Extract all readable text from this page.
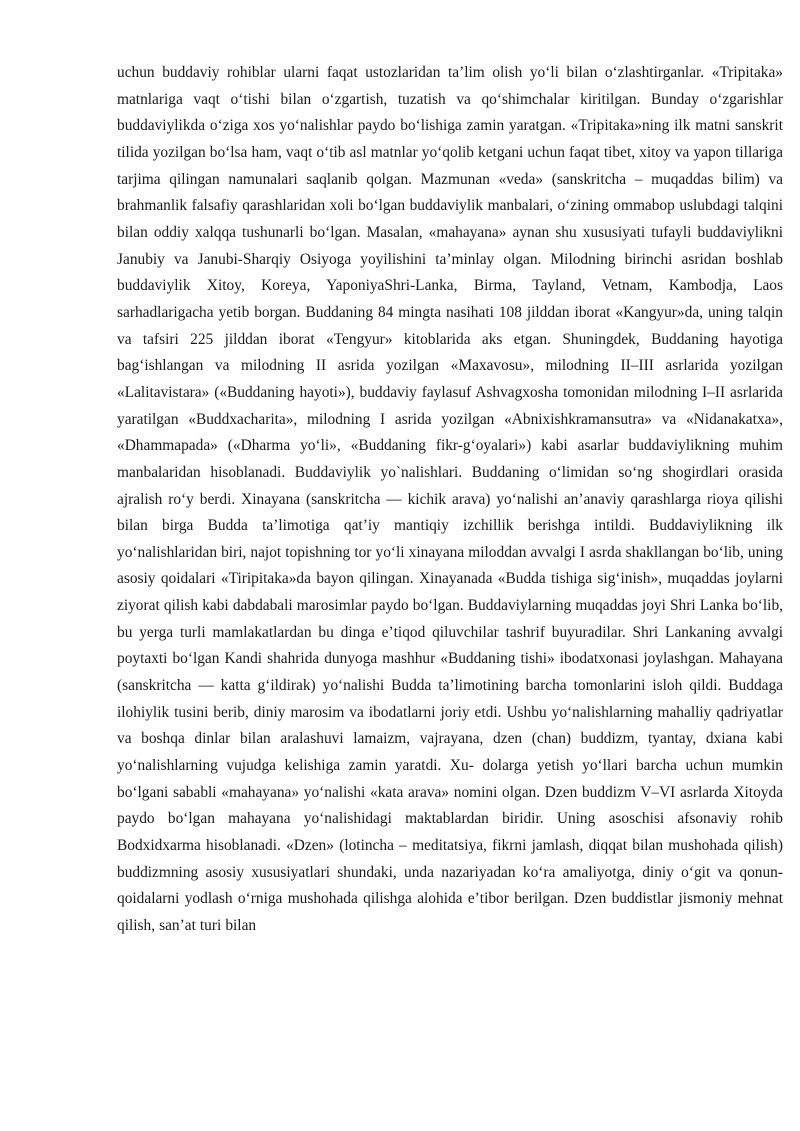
uchun buddaviy rohiblar ularni faqat ustozlaridan taʼlim olish yoʻli bilan oʻzlashtirganlar. «Tripitaka» matnlariga vaqt oʻtishi bilan oʻzgartish, tuzatish va qoʻshimchalar kiritilgan. Bunday oʻzgarishlar buddaviylikda oʻziga xos yoʻnalishlar paydo boʻlishiga zamin yaratgan. «Tripitaka»ning ilk matni sanskrit tilida yozilgan boʻlsa ham, vaqt oʻtib asl matnlar yoʻqolib ketgani uchun faqat tibet, xitoy va yapon tillariga tarjima qilingan namunalari saqlanib qolgan. Mazmunan «veda» (sanskritcha – muqaddas bilim) va brahmanlik falsafiy qarashlaridan xoli boʻlgan buddaviylik manbalari, oʻzining ommabop uslubdagi talqini bilan oddiy xalqqa tushunarli boʻlgan. Masalan, «mahayana» aynan shu xususiyati tufayli buddaviylikni Janubiy va Janubi-Sharqiy Osiyoga yoyilishini taʼminlay olgan. Milodning birinchi asridan boshlab buddaviylik Xitoy, Koreya, YaponiyaShri-Lanka, Birma, Tayland, Vetnam, Kambodja, Laos sarhadlarigacha yetib borgan. Buddaning 84 mingta nasihati 108 jilddan iborat «Kangyur»da, uning talqin va tafsiri 225 jilddan iborat «Tengyur» kitoblarida aks etgan. Shuningdek, Buddaning hayotiga bagʻishlangan va milodning II asrida yozilgan «Maxavosu», milodning II–III asrlarida yozilgan «Lalitavistara» («Buddaning hayoti»), buddaviy faylasuf Ashvagxosha tomonidan milodning I–II asrlarida yaratilgan «Buddxacharita», milodning I asrida yozilgan «Abnixishkramansutra» va «Nidanakatxa», «Dhammapada» («Dharma yoʻli», «Buddaning fikr-gʻoyalari») kabi asarlar buddaviylikning muhim manbalaridan hisoblanadi. Buddaviylik yo`nalishlari. Buddaning oʻlimidan soʻng shogirdlari orasida ajralish roʻy berdi. Xinayana (sanskritcha — kichik arava) yoʻnalishi anʼanaviy qarashlarga rioya qilishi bilan birga Budda taʼlimotiga qatʼiy mantiqiy izchillik berishga intildi. Buddaviylikning ilk yoʻnalishlaridan biri, najot topishning tor yoʻli xinayana miloddan avvalgi I asrda shakllangan boʻlib, uning asosiy qoidalari «Tiripitaka»da bayon qilingan. Xinayanada «Budda tishiga sigʻinish», muqaddas joylarni ziyorat qilish kabi dabdabali marosimlar paydo boʻlgan. Buddaviylarning muqaddas joyi Shri Lanka boʻlib, bu yerga turli mamlakatlardan bu dinga eʼtiqod qiluvchilar tashrif buyuradilar. Shri Lankaning avvalgi poytaxti boʻlgan Kandi shahrida dunyoga mashhur «Buddaning tishi» ibodatxonasi joylashgan. Mahayana (sanskritcha — katta gʻildirak) yoʻnalishi Budda taʼlimotining barcha tomonlarini isloh qildi. Buddaga ilohiylik tusini berib, diniy marosim va ibodatlarni joriy etdi. Ushbu yoʻnalishlarning mahalliy qadriyatlar va boshqa dinlar bilan aralashuvi lamaizm, vajrayana, dzen (chan) buddizm, tyantay, dxiana kabi yoʻnalishlarning vujudga kelishiga zamin yaratdi. Xu- dolarga yetish yoʻllari barcha uchun mumkin boʻlgani sababli «mahayana» yoʻnalishi «kata arava» nomini olgan. Dzen buddizm V–VI asrlarda Xitoyda paydo boʻlgan mahayana yoʻnalishidagi maktablardan biridir. Uning asoschisi afsonaviy rohib Bodxidxarma hisoblanadi. «Dzen» (lotincha – meditatsiya, fikrni jamlash, diqqat bilan mushohada qilish) buddizmning asosiy xususiyatlari shundaki, unda nazariyadan koʻra amaliyotga, diniy oʻgit va qonun-qoidalarni yodlash oʻrniga mushohada qilishga alohida eʼtibor berilgan. Dzen buddistlar jismoniy mehnat qilish, sanʼat turi bilan
